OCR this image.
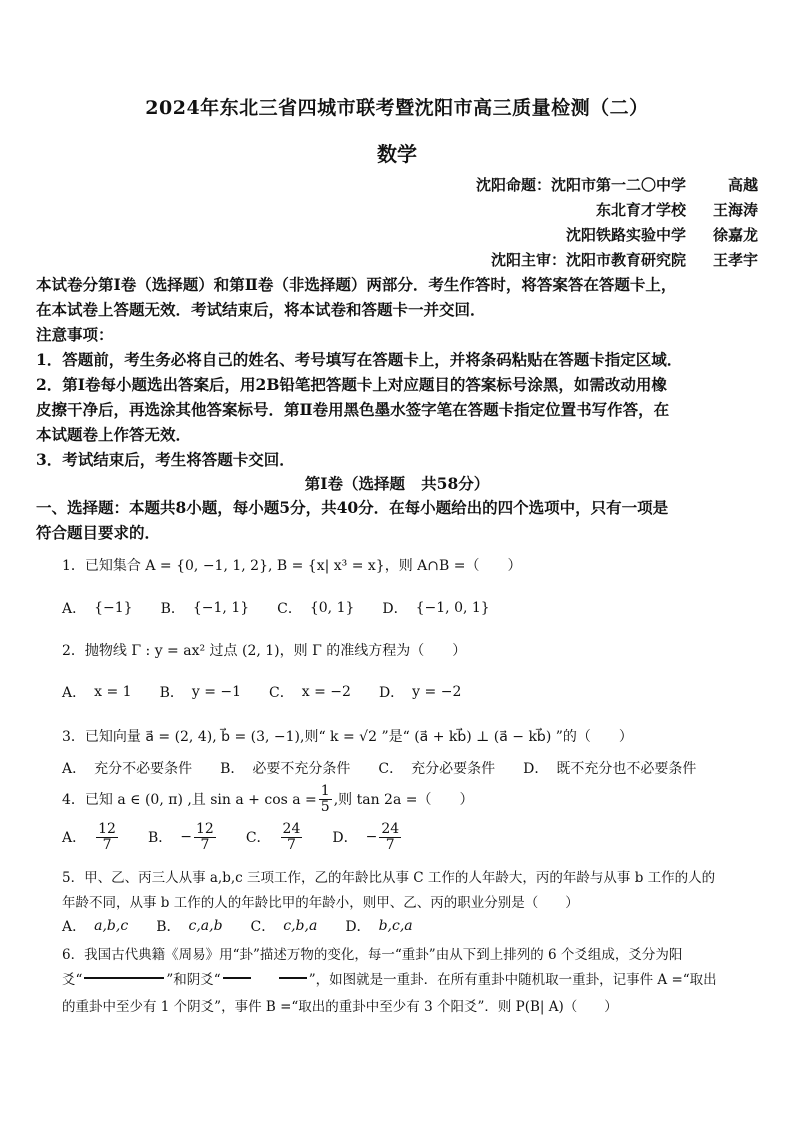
2024年东北三省四城市联考暨沈阳市高三质量检测（二）
数学
沈阳命题：沈阳市第一二〇中学	高越
东北育才学校	王海涛
沈阳铁路实验中学	徐嘉龙
沈阳主审：沈阳市教育研究院	王孝宇
本试卷分第Ⅰ卷（选择题）和第Ⅱ卷（非选择题）两部分．考生作答时，将答案答在答题卡上，
在本试卷上答题无效．考试结束后，将本试卷和答题卡一并交回．
注意事项：
1．答题前，考生务必将自己的姓名、考号填写在答题卡上，并将条码粘贴在答题卡指定区域．
2．第Ⅰ卷每小题选出答案后，用2B铅笔把答题卡上对应题目的答案标号涂黑，如需改动用橡
皮擦干净后，再选涂其他答案标号．第Ⅱ卷用黑色墨水签字笔在答题卡指定位置书写作答，在
本试题卷上作答无效．
3．考试结束后，考生将答题卡交回．
第Ⅰ卷（选择题   共58分）
一、选择题：本题共8小题，每小题5分，共40分．在每小题给出的四个选项中，只有一项是
符合题目要求的．
1．已知集合 A = {0, −1, 1, 2}, B = {x| x³ = x}，则 A∩B =（　　）
A． {−1} B． {−1, 1} C． {0, 1} D． {−1, 0, 1}
2．抛物线 Γ : y = ax² 过点 (2, 1)，则 Γ 的准线方程为（　　）
A． x = 1 B． y = −1 C． x = −2 D． y = −2
3．已知向量 a⃗ = (2, 4), b⃗ = (3, −1),则“ k = √2 ”是“ (a⃗ + kb⃗) ⊥ (a⃗ − kb⃗) ”的（　　）
A． 充分不必要条件 B． 必要不充分条件 C． 充分必要条件 D． 既不充分也不必要条件
4．已知 a ∈ (0, π) ,且 $\sin a + \cos a = \frac{1}{5}$ ,则 tan 2a =（　　）
A． $\frac{12}{7}$ B． − $\frac{12}{7}$ C． $\frac{24}{7}$ D． − $\frac{24}{7}$
5．甲、乙、丙三人从事 a,b,c 三项工作，乙的年龄比从事 C 工作的人年龄大，丙的年龄与从事 b 工作的人的
年龄不同，从事 b 工作的人的年龄比甲的年龄小，则甲、乙、丙的职业分别是（　　）
A． a,b,c B． c,a,b C． c,b,a D． b,c,a
6．我国古代典籍《周易》用“卦”描述万物的变化，每一“重卦”由从下到上排列的 6 个爻组成，爻分为阳
爻“	”和阴爻“	”，如图就是一重卦．在所有重卦中随机取一重卦，记事件 A =“取出
的重卦中至少有 1 个阴爻”，事件 B =“取出的重卦中至少有 3 个阳爻”．则 P(B| A)（　　）
